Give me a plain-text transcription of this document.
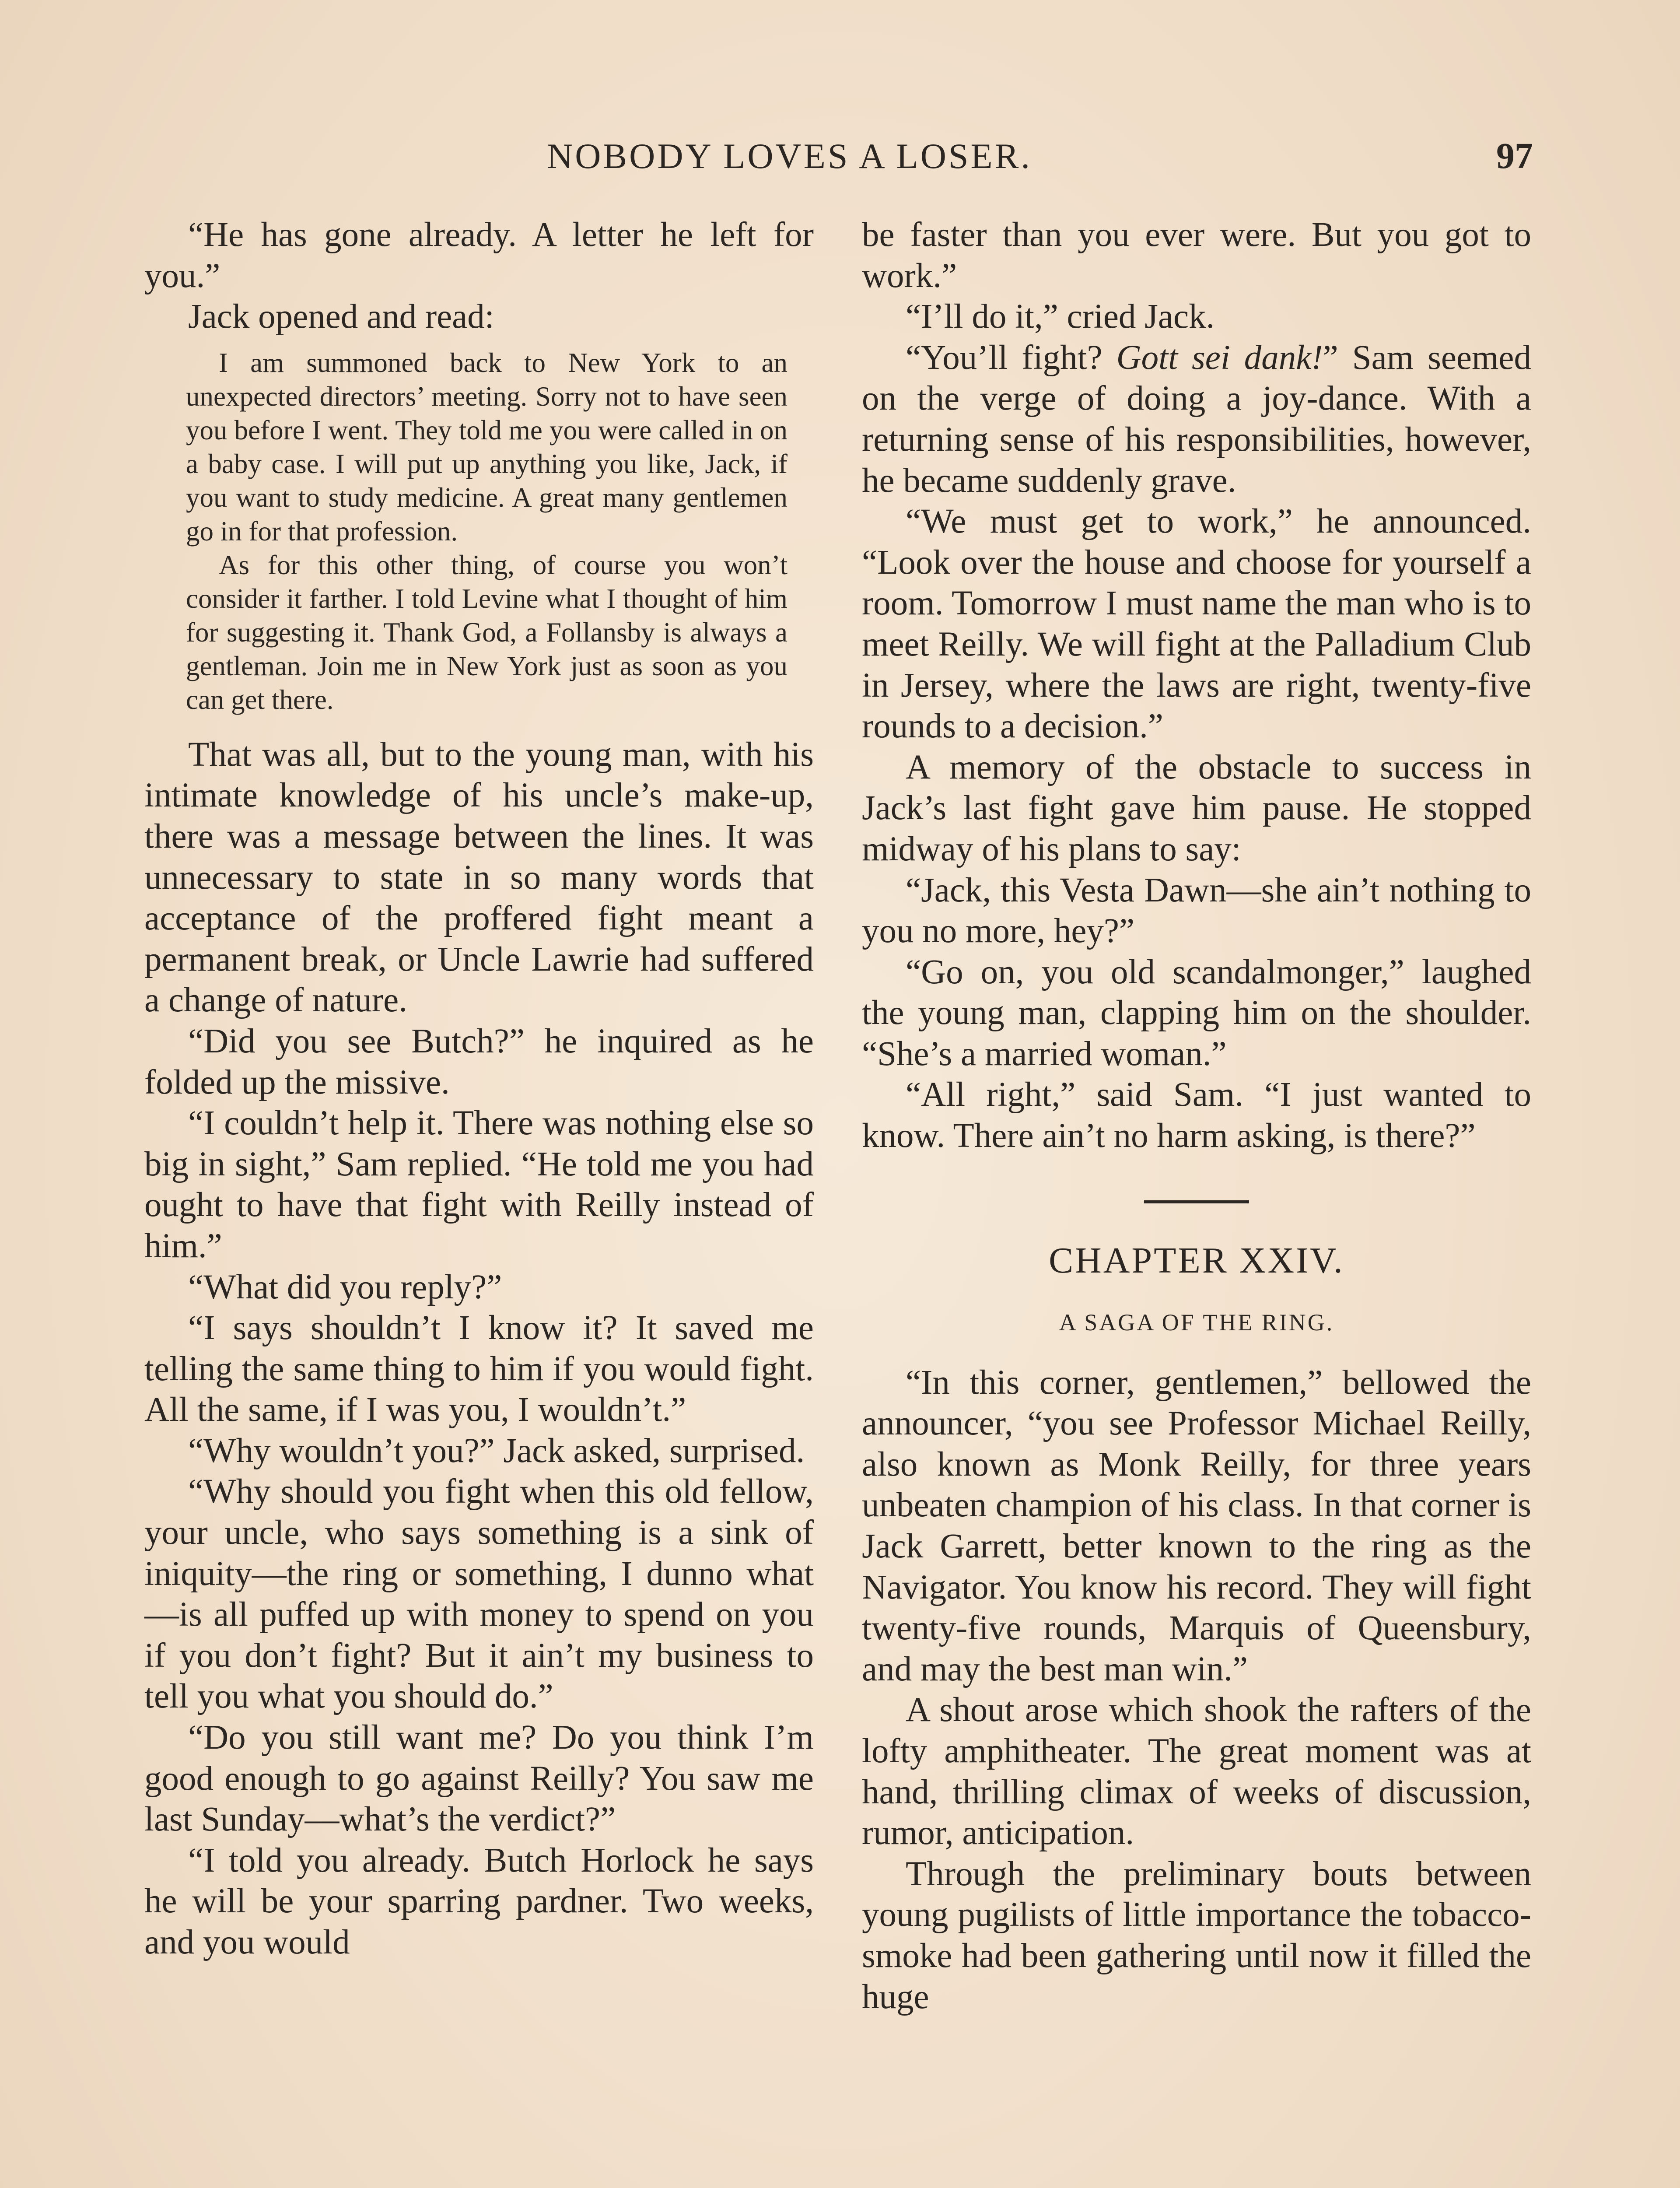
NOBODY LOVES A LOSER.	97

“He has gone already. A letter he left for you.”

Jack opened and read:

I am summoned back to New York to an unexpected directors’ meeting. Sorry not to have seen you before I went. They told me you were called in on a baby case. I will put up anything you like, Jack, if you want to study medicine. A great many gentlemen go in for that profession.

As for this other thing, of course you won’t consider it farther. I told Levine what I thought of him for suggesting it. Thank God, a Follansby is always a gentleman. Join me in New York just as soon as you can get there.

That was all, but to the young man, with his intimate knowledge of his uncle’s make-up, there was a message between the lines. It was unnecessary to state in so many words that acceptance of the proffered fight meant a permanent break, or Uncle Lawrie had suffered a change of nature.

“Did you see Butch?” he inquired as he folded up the missive.

“I couldn’t help it. There was nothing else so big in sight,” Sam replied. “He told me you had ought to have that fight with Reilly instead of him.”

“What did you reply?”

“I says shouldn’t I know it? It saved me telling the same thing to him if you would fight. All the same, if I was you, I wouldn’t.”

“Why wouldn’t you?” Jack asked, surprised.

“Why should you fight when this old fellow, your uncle, who says something is a sink of iniquity—the ring or something, I dunno what—is all puffed up with money to spend on you if you don’t fight? But it ain’t my business to tell you what you should do.”

“Do you still want me? Do you think I’m good enough to go against Reilly? You saw me last Sunday—what’s the verdict?”

“I told you already. Butch Horlock he says he will be your sparring pardner. Two weeks, and you would

be faster than you ever were. But you got to work.”

“I’ll do it,” cried Jack.

“You’ll fight? Gott sei dank!” Sam seemed on the verge of doing a joy-dance. With a returning sense of his responsibilities, however, he became suddenly grave.

“We must get to work,” he announced. “Look over the house and choose for yourself a room. Tomorrow I must name the man who is to meet Reilly. We will fight at the Palladium Club in Jersey, where the laws are right, twenty-five rounds to a decision.”

A memory of the obstacle to success in Jack’s last fight gave him pause. He stopped midway of his plans to say:

“Jack, this Vesta Dawn—she ain’t nothing to you no more, hey?”

“Go on, you old scandalmonger,” laughed the young man, clapping him on the shoulder. “She’s a married woman.”

“All right,” said Sam. “I just wanted to know. There ain’t no harm asking, is there?”

CHAPTER XXIV.

A SAGA OF THE RING.

“In this corner, gentlemen,” bellowed the announcer, “you see Professor Michael Reilly, also known as Monk Reilly, for three years unbeaten champion of his class. In that corner is Jack Garrett, better known to the ring as the Navigator. You know his record. They will fight twenty-five rounds, Marquis of Queensbury, and may the best man win.”

A shout arose which shook the rafters of the lofty amphitheater. The great moment was at hand, thrilling climax of weeks of discussion, rumor, anticipation.

Through the preliminary bouts between young pugilists of little importance the tobacco-smoke had been gathering until now it filled the huge
